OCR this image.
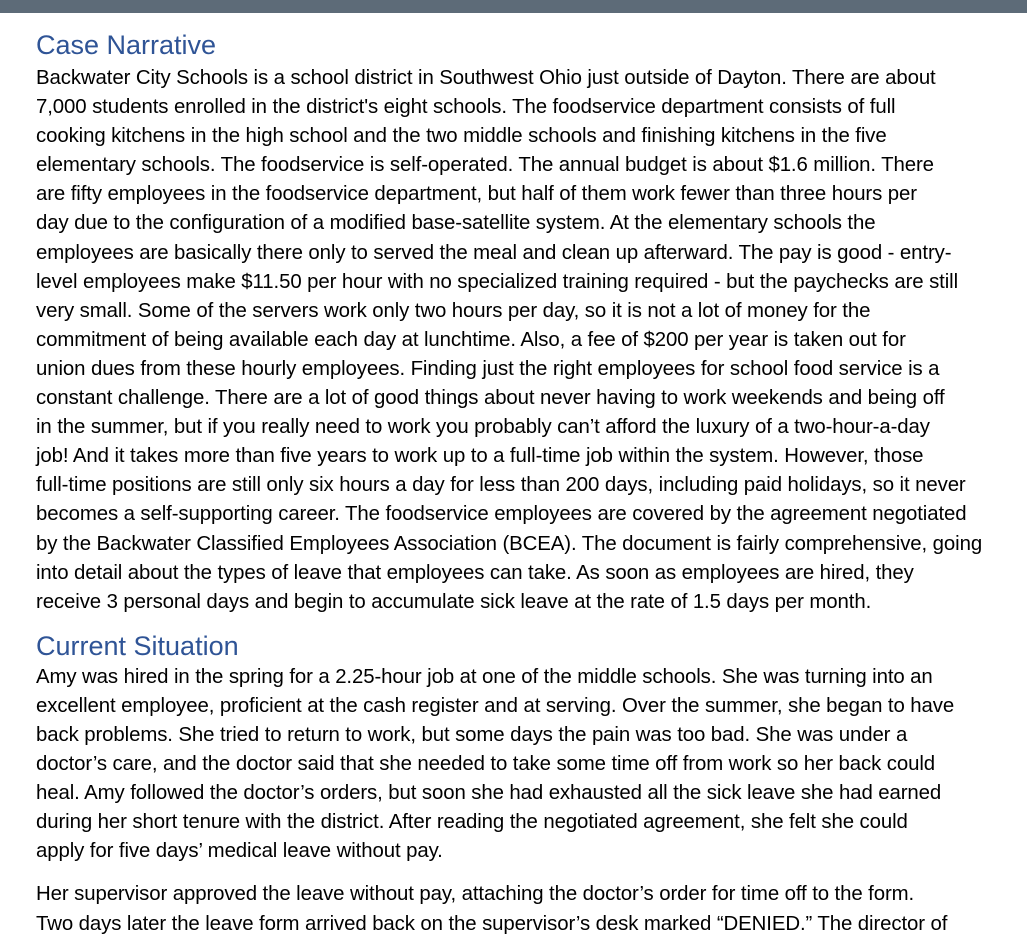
Case Narrative

Backwater City Schools is a school district in Southwest Ohio just outside of Dayton. There are about
7,000 students enrolled in the district's eight schools. The foodservice department consists of full
cooking kitchens in the high school and the two middle schools and finishing kitchens in the five
elementary schools. The foodservice is self-operated. The annual budget is about $1.6 million. There
are fifty employees in the foodservice department, but half of them work fewer than three hours per
day due to the configuration of a modified base-satellite system. At the elementary schools the
employees are basically there only to served the meal and clean up afterward. The pay is good - entry-
level employees make $11.50 per hour with no specialized training required - but the paychecks are still
very small. Some of the servers work only two hours per day, so it is not a lot of money for the
commitment of being available each day at lunchtime. Also, a fee of $200 per year is taken out for
union dues from these hourly employees. Finding just the right employees for school food service is a
constant challenge. There are a lot of good things about never having to work weekends and being off
in the summer, but if you really need to work you probably can’t afford the luxury of a two-hour-a-day
job! And it takes more than five years to work up to a full-time job within the system. However, those
full-time positions are still only six hours a day for less than 200 days, including paid holidays, so it never
becomes a self-supporting career. The foodservice employees are covered by the agreement negotiated
by the Backwater Classified Employees Association (BCEA). The document is fairly comprehensive, going
into detail about the types of leave that employees can take. As soon as employees are hired, they
receive 3 personal days and begin to accumulate sick leave at the rate of 1.5 days per month.

Current Situation

Amy was hired in the spring for a 2.25-hour job at one of the middle schools. She was turning into an
excellent employee, proficient at the cash register and at serving. Over the summer, she began to have
back problems. She tried to return to work, but some days the pain was too bad. She was under a
doctor’s care, and the doctor said that she needed to take some time off from work so her back could
heal. Amy followed the doctor’s orders, but soon she had exhausted all the sick leave she had earned
during her short tenure with the district. After reading the negotiated agreement, she felt she could
apply for five days’ medical leave without pay.

Her supervisor approved the leave without pay, attaching the doctor’s order for time off to the form.
Two days later the leave form arrived back on the supervisor’s desk marked “DENIED.” The director of
